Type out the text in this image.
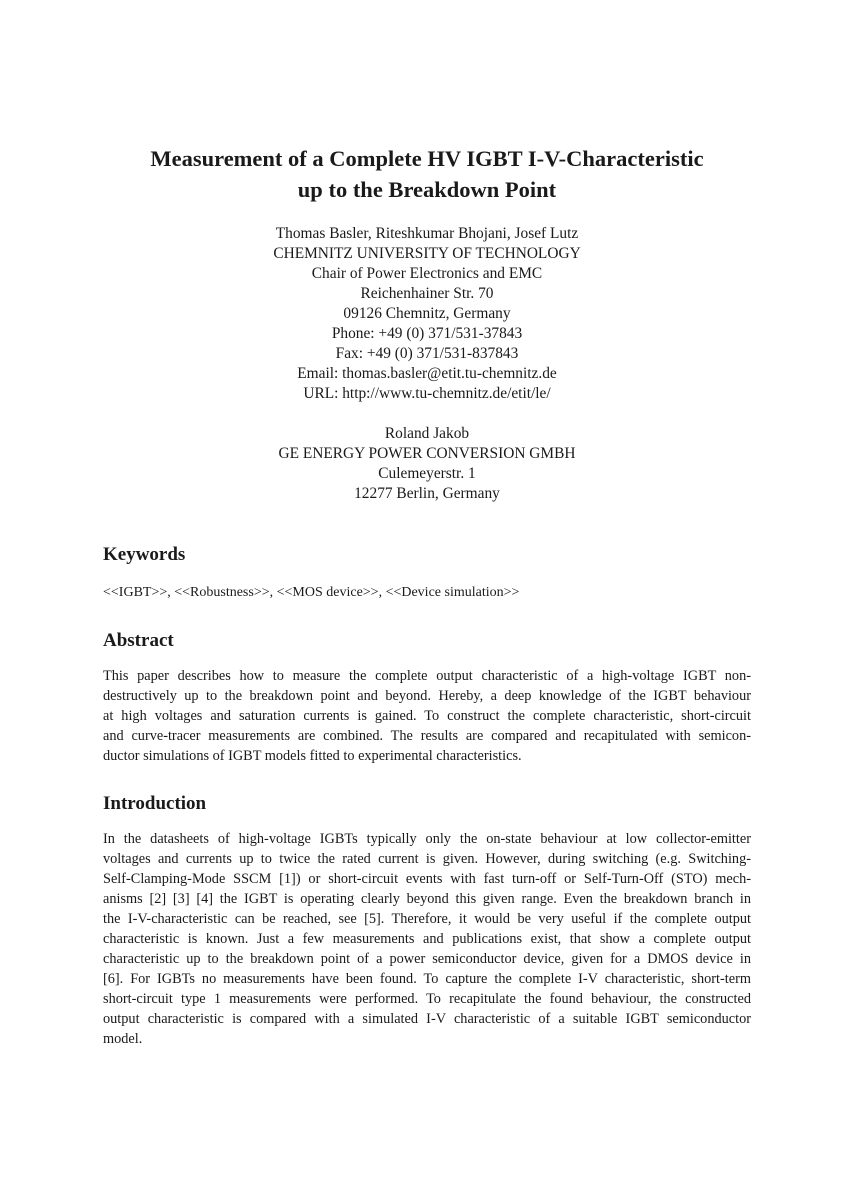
Measurement of a Complete HV IGBT I-V-Characteristic
up to the Breakdown Point
Thomas Basler, Riteshkumar Bhojani, Josef Lutz
CHEMNITZ UNIVERSITY OF TECHNOLOGY
Chair of Power Electronics and EMC
Reichenhainer Str. 70
09126 Chemnitz, Germany
Phone: +49 (0) 371/531-37843
Fax: +49 (0) 371/531-837843
Email: thomas.basler@etit.tu-chemnitz.de
URL: http://www.tu-chemnitz.de/etit/le/
Roland Jakob
GE ENERGY POWER CONVERSION GMBH
Culemeyerstr. 1
12277 Berlin, Germany
Keywords
<<IGBT>>, <<Robustness>>, <<MOS device>>, <<Device simulation>>
Abstract
This paper describes how to measure the complete output characteristic of a high-voltage IGBT non-
destructively up to the breakdown point and beyond. Hereby, a deep knowledge of the IGBT behaviour
at high voltages and saturation currents is gained. To construct the complete characteristic, short-circuit
and curve-tracer measurements are combined. The results are compared and recapitulated with semicon-
ductor simulations of IGBT models fitted to experimental characteristics.
Introduction
In the datasheets of high-voltage IGBTs typically only the on-state behaviour at low collector-emitter
voltages and currents up to twice the rated current is given. However, during switching (e.g. Switching-
Self-Clamping-Mode SSCM [1]) or short-circuit events with fast turn-off or Self-Turn-Off (STO) mech-
anisms [2] [3] [4] the IGBT is operating clearly beyond this given range. Even the breakdown branch in
the I-V-characteristic can be reached, see [5]. Therefore, it would be very useful if the complete output
characteristic is known. Just a few measurements and publications exist, that show a complete output
characteristic up to the breakdown point of a power semiconductor device, given for a DMOS device in
[6]. For IGBTs no measurements have been found. To capture the complete I-V characteristic, short-term
short-circuit type 1 measurements were performed. To recapitulate the found behaviour, the constructed
output characteristic is compared with a simulated I-V characteristic of a suitable IGBT semiconductor
model.
